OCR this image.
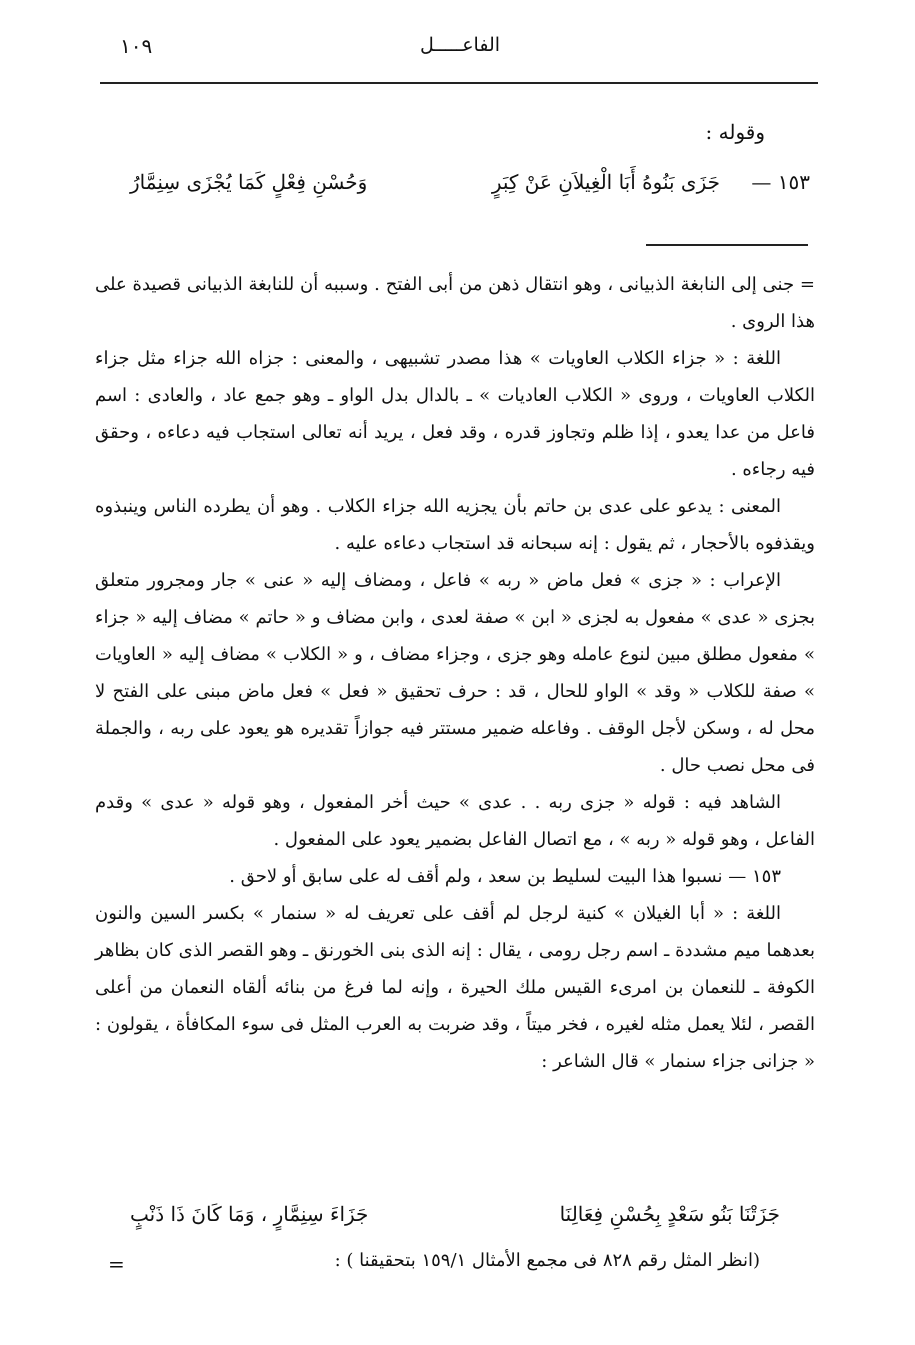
الفاعـــــل
١٠٩
وقوله :
١٥٣ —
جَزَى بَنُوهُ أَبَا الْغِيلاَنِ عَنْ كِبَرٍ
وَحُسْنِ فِعْلٍ كَمَا يُجْزَى سِنِمَّارُ

= جنى إلى النابغة الذبيانى ، وهو انتقال ذهن من أبى الفتح . وسببه أن للنابغة الذبيانى قصيدة على هذا الروى .

اللغة : « جزاء الكلاب العاويات » هذا مصدر تشبيهى ، والمعنى : جزاه الله جزاء مثل جزاء الكلاب العاويات ، وروى « الكلاب العاديات » ـ بالدال بدل الواو ـ وهو جمع عاد ، والعادى : اسم فاعل من عدا يعدو ، إذا ظلم وتجاوز قدره ، وقد فعل ، يريد أنه تعالى استجاب فيه دعاءه ، وحقق فيه رجاءه .

المعنى : يدعو على عدى بن حاتم بأن يجزيه الله جزاء الكلاب . وهو أن يطرده الناس وينبذوه ويقذفوه بالأحجار ، ثم يقول : إنه سبحانه قد استجاب دعاءه عليه .

الإعراب : « جزى » فعل ماض « ربه » فاعل ، ومضاف إليه « عنى » جار ومجرور متعلق بجزى « عدى » مفعول به لجزى « ابن » صفة لعدى ، وابن مضاف و « حاتم » مضاف إليه « جزاء » مفعول مطلق مبين لنوع عامله وهو جزى ، وجزاء مضاف ، و « الكلاب » مضاف إليه « العاويات » صفة للكلاب « وقد » الواو للحال ، قد : حرف تحقيق « فعل » فعل ماض مبنى على الفتح لا محل له ، وسكن لأجل الوقف . وفاعله ضمير مستتر فيه جوازاً تقديره هو يعود على ربه ، والجملة فى محل نصب حال .

الشاهد فيه : قوله « جزى ربه . . عدى » حيث أخر المفعول ، وهو قوله « عدى » وقدم الفاعل ، وهو قوله « ربه » ، مع اتصال الفاعل بضمير يعود على المفعول .

١٥٣ — نسبوا هذا البيت لسليط بن سعد ، ولم أقف له على سابق أو لاحق .

اللغة : « أبا الغيلان » كنية لرجل لم أقف على تعريف له « سنمار » بكسر السين والنون بعدهما ميم مشددة ـ اسم رجل رومى ، يقال : إنه الذى بنى الخورنق ـ وهو القصر الذى كان بظاهر الكوفة ـ للنعمان بن امرىء القيس ملك الحيرة ، وإنه لما فرغ من بنائه ألقاه النعمان من أعلى القصر ، لئلا يعمل مثله لغيره ، فخر ميتاً ، وقد ضربت به العرب المثل فى سوء المكافأة ، يقولون : « جزانى جزاء سنمار » قال الشاعر :

جَزَتْنَا بَنُو سَعْدٍ بِحُسْنِ فِعَالِنَا
جَزَاءَ سِنِمَّارٍ ، وَمَا كَانَ ذَا ذَنْبٍ
(انظر المثل رقم ٨٢٨ فى مجمع الأمثال ١٥٩/١ بتحقيقنا ) :
=
